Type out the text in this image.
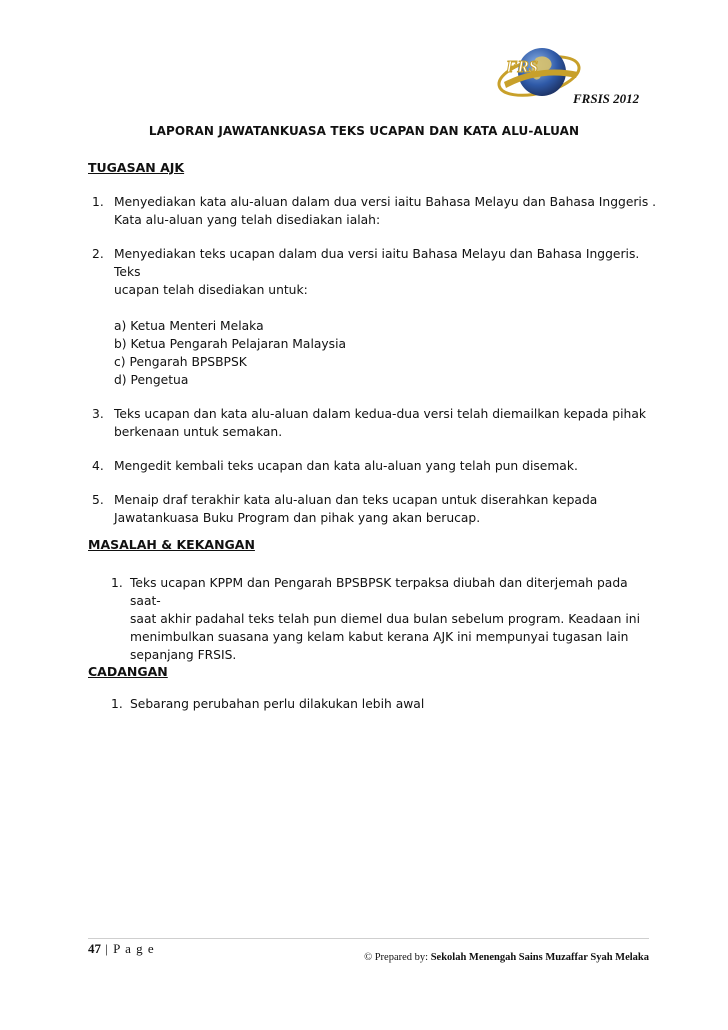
FRS
FRSIS 2012
LAPORAN JAWATANKUASA TEKS UCAPAN DAN KATA ALU-ALUAN
TUGASAN AJK
1. Menyediakan kata alu-aluan dalam dua versi iaitu Bahasa Melayu dan Bahasa Inggeris .
Kata alu-aluan yang telah disediakan ialah:
2. Menyediakan teks ucapan dalam dua versi iaitu Bahasa Melayu dan Bahasa Inggeris. Teks
ucapan telah disediakan untuk:
a) Ketua Menteri Melaka
b) Ketua Pengarah Pelajaran Malaysia
c) Pengarah BPSBPSK
d) Pengetua
3. Teks ucapan dan kata alu-aluan dalam kedua-dua versi telah diemailkan kepada pihak
berkenaan untuk semakan.
4. Mengedit kembali teks ucapan dan kata alu-aluan yang telah pun disemak.
5. Menaip draf terakhir kata alu-aluan dan teks ucapan untuk diserahkan kepada
Jawatankuasa Buku Program dan pihak yang akan berucap.
MASALAH & KEKANGAN
1. Teks ucapan KPPM dan Pengarah BPSBPSK terpaksa diubah dan diterjemah pada saat-
saat akhir padahal teks telah pun diemel dua bulan sebelum program. Keadaan ini
menimbulkan suasana yang kelam kabut kerana AJK ini mempunyai tugasan lain
sepanjang FRSIS.
CADANGAN
1. Sebarang perubahan perlu dilakukan lebih awal
47 | P a g e
© Prepared by: Sekolah Menengah Sains Muzaffar Syah Melaka
